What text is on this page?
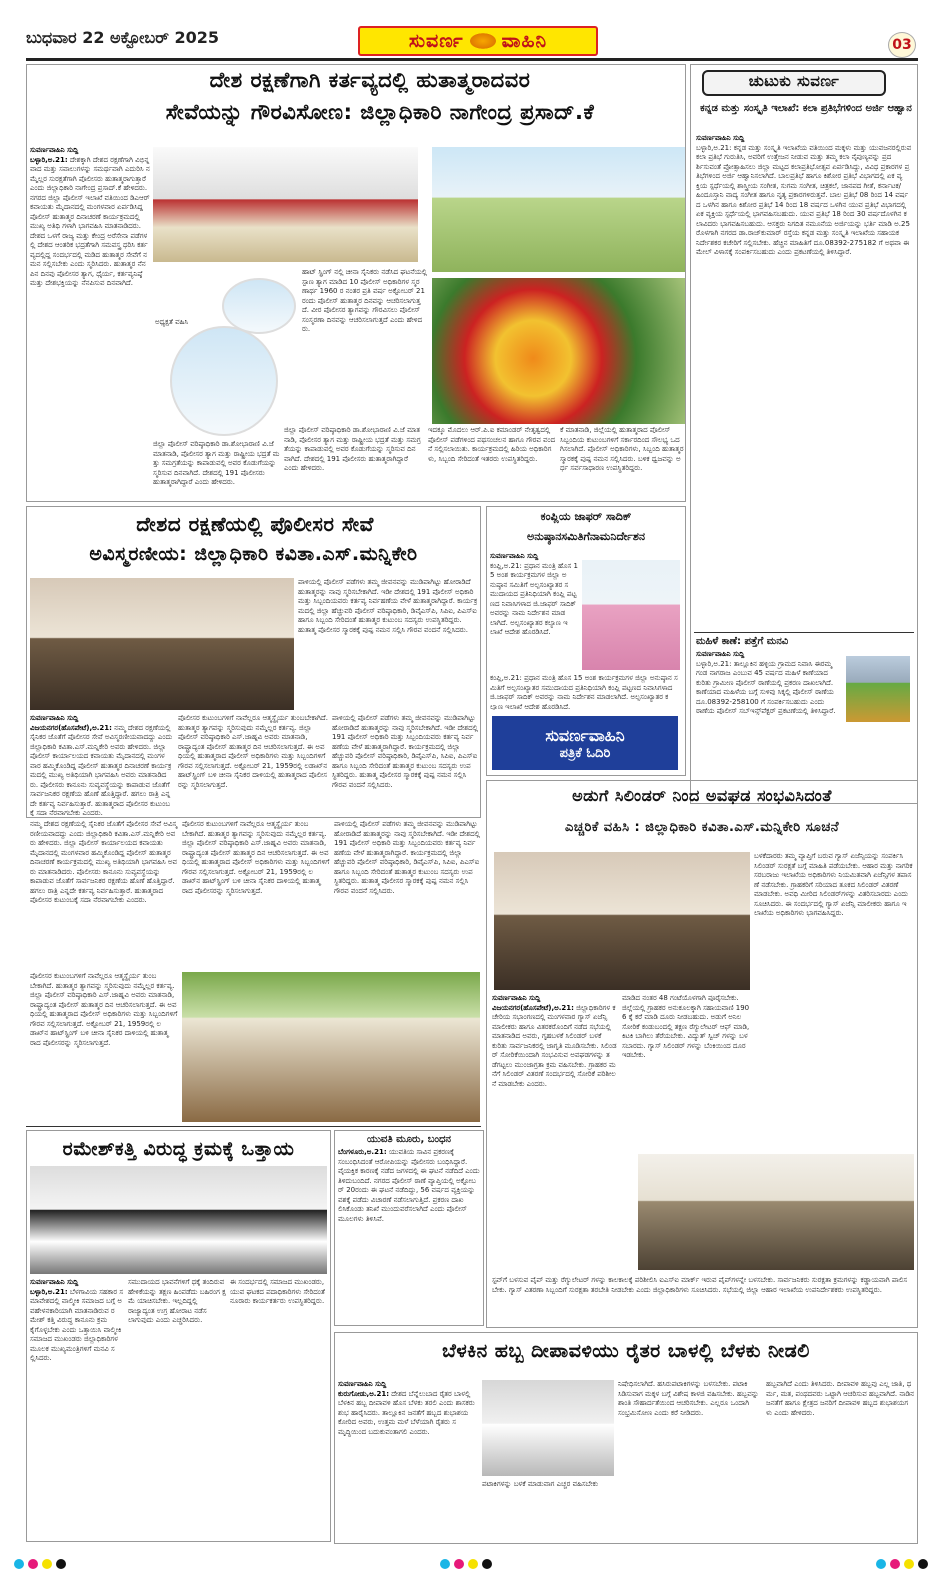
ಬುಧವಾರ 22 ಅಕ್ಟೋಬರ್ 2025	ಸುವರ್ಣ ವಾಹಿನಿ	03
ದೇಶ ರಕ್ಷಣೆಗಾಗಿ ಕರ್ತವ್ಯದಲ್ಲಿ ಹುತಾತ್ಮರಾದವರ
ಸೇವೆಯನ್ನು ಗೌರವಿಸೋಣ: ಜಿಲ್ಲಾಧಿಕಾರಿ ನಾಗೇಂದ್ರ ಪ್ರಸಾದ್.ಕೆ
ಸುವರ್ಣವಾಹಿನಿ ಸುದ್ದಿ
ಬಳ್ಳಾರಿ,ಅ.21: ದೇಶಕ್ಕಾಗಿ ದೇಶದ ರಕ್ಷಣೆಗಾಗಿ ವಿಭಿನ್ನವಾದ ಮತ್ತು ಸವಾಲುಗಳನ್ನು ಸಮರ್ಥವಾಗಿ ಎದುರಿಸಿ ನಮ್ಮೆಲ್ಲರ ಸುರಕ್ಷತೆಗಾಗಿ ಪೊಲೀಸರು ಹುತಾತ್ಮರಾಗುತ್ತಾರೆ ಎಂದು ಜಿಲ್ಲಾಧಿಕಾರಿ ನಾಗೇಂದ್ರ ಪ್ರಸಾದ್.ಕೆ ಹೇಳಿದರು. ನಗರದ ಜಿಲ್ಲಾ ಪೊಲೀಸ್ ಇಲಾಖೆ ವತಿಯಿಂದ ಡಿಎಆರ್ ಕವಾಯತು ಮೈದಾನದಲ್ಲಿ ಮಂಗಳವಾರ ಏರ್ಪಡಿಸಿದ್ದ ಪೊಲೀಸ್ ಹುತಾತ್ಮರ ದಿನಾಚರಣೆ ಕಾರ್ಯಕ್ರಮದಲ್ಲಿ ಮುಖ್ಯ ಅತಿಥಿ ಗಳಾಗಿ ಭಾಗವಹಿಸಿ ಮಾತನಾಡಿದರು. ದೇಶದ ಒಳಗೆ ರಾಜ್ಯ ಮತ್ತು ಕೇಂದ್ರ ಅರೆಸೇನಾ ಪಡೆಗಳಲ್ಲಿ ದೇಶದ ಆಂತರಿಕ ಭದ್ರತೆಗಾಗಿ ಸಮವಸ್ತ್ರ ಧರಿಸಿ ಕರ್ತವ್ಯದಲ್ಲಿದ್ದ ಸಂದರ್ಭದಲ್ಲಿ ಮಡಿದ ಹುತಾತ್ಮರ ಸೇವೆಗೆ ನಮನ ಸಲ್ಲಿಸಬೇಕು ಎಂದು ಸ್ಮರಿಸಿದರು. ಹುತಾತ್ಮರ ನೆನಪಿನ ದಿನವು ಪೊಲೀಸರ ತ್ಯಾಗ, ಧೈರ್ಯ, ಕರ್ತವ್ಯನಿಷ್ಠೆ ಮತ್ತು ದೇಶಭಕ್ತಿಯನ್ನು ನೆನಪಿಸುವ ದಿನವಾಗಿದೆ.
ಅಧ್ಯಕ್ಷತೆ ವಹಿಸಿ
ಹಾಟ್ ಸ್ಪ್ರಿಂಗ್ ನಲ್ಲಿ ಚೀನಾ ಸೈನಿಕರು ನಡೆಸಿದ ಘಟನೆಯಲ್ಲಿ ಸ್ಪಾಣ ತ್ಯಾಗ ಮಾಡಿದ 10 ಪೊಲೀಸ್ ಅಧಿಕಾರಿಗಳ ಸ್ಮರಣಾರ್ಥ 1960 ರ ನಂತರ ಪ್ರತಿ ವರ್ಷ ಅಕ್ಟೋಬರ್ 21 ರಂದು ಪೊಲೀಸ್ ಹುತಾತ್ಮರ ದಿನವನ್ನು ಆಚರಿಸಲಾಗುತ್ತದೆ. ವೀರ ಪೊಲೀಸರ ತ್ಯಾಗವನ್ನು ಗೌರವಿಸಲು ಪೊಲೀಸ್ ಸಂಸ್ಮರಣಾ ದಿನವನ್ನು ಆಚರಿಸಲಾಗುತ್ತದೆ ಎಂದು ಹೇಳಿದರು.
ಜಿಲ್ಲಾ ಪೊಲೀಸ್ ವರಿಷ್ಠಾಧಿಕಾರಿ ಡಾ.ಶೋಭಾರಾಣಿ ವಿ.ಜೆ ಮಾತನಾಡಿ, ಪೊಲೀಸರ ತ್ಯಾಗ ಮತ್ತು ರಾಷ್ಟ್ರೀಯ ಭದ್ರತೆ ಮತ್ತು ಸಮಗ್ರತೆಯನ್ನು ಕಾಪಾಡುವಲ್ಲಿ ಅವರ ಕೊಡುಗೆಯನ್ನು ಸ್ಮರಿಸುವ ದಿನವಾಗಿದೆ. ದೇಶದಲ್ಲಿ 191 ಪೊಲೀಸರು ಹುತಾತ್ಮರಾಗಿದ್ದಾರೆ ಎಂದು ಹೇಳಿದರು.
ಇದಕ್ಕೂ ಮೊದಲು ಆರ್.ಪಿ.ಐ ಕಮಾಂಡರ್ ನೇತೃತ್ವದಲ್ಲಿ ಪೊಲೀಸ್ ಪಡೆಗಳಿಂದ ಪಥಸಂಚಲನ ಹಾಗೂ ಗೌರವ ವಂದನೆ ಸಲ್ಲಿಸಲಾಯಿತು. ಕಾರ್ಯಕ್ರಮದಲ್ಲಿ ಹಿರಿಯ ಅಧಿಕಾರಿಗಳು, ಸಿಬ್ಬಂದಿ ಸೇರಿದಂತೆ ಇತರರು ಉಪಸ್ಥಿತರಿದ್ದರು.
ಕೆ ಮಾತನಾಡಿ, ಜಿಲ್ಲೆಯಲ್ಲಿ ಹುತಾತ್ಮರಾದ ಪೊಲೀಸ್ ಸಿಬ್ಬಂದಿಯ ಕುಟುಂಬಗಳಿಗೆ ಸರ್ಕಾರದಿಂದ ಸೌಲಭ್ಯ ಒದಗಿಸಲಾಗಿದೆ. ಪೊಲೀಸ್ ಅಧಿಕಾರಿಗಳು, ಸಿಬ್ಬಂದಿ ಹುತಾತ್ಮರ ಸ್ಮಾರಕಕ್ಕೆ ಪುಷ್ಪ ನಮನ ಸಲ್ಲಿಸಿದರು. ಬಳಿಕ ಧ್ವಜವನ್ನು ಅರ್ಧ ಸರ್ವಸಾಧಾರಣ ಉಪಸ್ಥಿತರಿದ್ದರು.
ಜಿಲ್ಲಾ ಪೊಲೀಸ್ ವರಿಷ್ಠಾಧಿಕಾರಿ ಡಾ.ಶೋಭಾರಾಣಿ ವಿ.ಜೆ ಮಾತನಾಡಿ, ಪೊಲೀಸರ ತ್ಯಾಗ ಮತ್ತು ರಾಷ್ಟ್ರೀಯ ಭದ್ರತೆ ಮತ್ತು ಸಮಗ್ರತೆಯನ್ನು ಕಾಪಾಡುವಲ್ಲಿ ಅವರ ಕೊಡುಗೆಯನ್ನು ಸ್ಮರಿಸುವ ದಿನವಾಗಿದೆ. ದೇಶದಲ್ಲಿ 191 ಪೊಲೀಸರು ಹುತಾತ್ಮರಾಗಿದ್ದಾರೆ ಎಂದು ಹೇಳಿದರು.
ಚುಟುಕು ಸುವರ್ಣ
ಕನ್ನಡ ಮತ್ತು ಸಂಸ್ಕೃತಿ ಇಲಾಖೆ: ಕಲಾ ಪ್ರತಿಭೆಗಳಿಂದ ಅರ್ಜಿ ಆಹ್ವಾನ
ಸುವರ್ಣವಾಹಿನಿ ಸುದ್ದಿ
ಬಳ್ಳಾರಿ,ಅ.21: ಕನ್ನಡ ಮತ್ತು ಸಂಸ್ಕೃತಿ ಇಲಾಖೆಯ ವತಿಯಿಂದ ಮಕ್ಕಳು ಮತ್ತು ಯುವಜನರಲ್ಲಿರುವ ಕಲಾ ಪ್ರತಿಭೆ ಗುರುತಿಸಿ, ಅವರಿಗೆ ಉತ್ತೇಜನ ನೀಡುವ ಮತ್ತು ತಮ್ಮ ಕಲಾ ನೈಪುಣ್ಯವನ್ನು ಪ್ರದರ್ಶಿಸುವಂತೆ ಪ್ರೋತ್ಸಾಹಿಸಲು ಜಿಲ್ಲಾ ಮಟ್ಟದ ಕಲಾಪ್ರತಿಭೋತ್ಸವ ಏರ್ಪಡಿಸಿದ್ದು, ವಿವಿಧ ಪ್ರಕಾರಗಳ ಪ್ರತಿಭೆಗಳಿಂದ ಅರ್ಜಿ ಆಹ್ವಾನಿಸಲಾಗಿದೆ. ಬಾಲಪ್ರತಿಭೆ ಹಾಗೂ ಕಿಶೋರ ಪ್ರತಿಭೆ ವಿಭಾಗದಲ್ಲಿ ಏಕ ವ್ಯಕ್ತಿಯ ಸ್ಪರ್ಧೆಯಲ್ಲಿ ಶಾಸ್ತ್ರೀಯ ಸಂಗೀತ, ಸುಗಮ ಸಂಗೀತ, ಚಿತ್ರಕಲೆ, ಜಾನಪದ ಗೀತೆ, ಕರ್ನಾಟಕ/ಹಿಂದೂಸ್ತಾನಿ ವಾದ್ಯ ಸಂಗೀತ ಹಾಗೂ ನೃತ್ಯ ಪ್ರಕಾರಗಳಿರುತ್ತವೆ. ಬಾಲ ಪ್ರತಿಭೆ 08 ರಿಂದ 14 ವರ್ಷದ ಒಳಗಿನ ಹಾಗೂ ಕಿಶೋರ ಪ್ರತಿಭೆ 14 ರಿಂದ 18 ವರ್ಷದ ಒಳಗಿನ ಯುವ ಪ್ರತಿಭೆ ವಿಭಾಗದಲ್ಲಿ ಏಕ ವ್ಯಕ್ತಿಯ ಸ್ಪರ್ಧೆಯಲ್ಲಿ ಭಾಗವಹಿಸಬಹುದು. ಯುವ ಪ್ರತಿಭೆ 18 ರಿಂದ 30 ವರ್ಷದೊಳಗಿನ ಕಲಾವಿದರು ಭಾಗವಹಿಸಬಹುದು. ಆಸಕ್ತರು ನಿಗದಿತ ನಮೂನೆಯ ಅರ್ಜಿಯನ್ನು ಭರ್ತಿ ಮಾಡಿ ಅ.25 ರೊಳಗಾಗಿ ನಗರದ ಡಾ.ರಾಜ್‌ಕುಮಾರ್ ರಸ್ತೆಯ ಕನ್ನಡ ಮತ್ತು ಸಂಸ್ಕೃತಿ ಇಲಾಖೆಯ ಸಹಾಯಕ ನಿರ್ದೇಶಕರ ಕಚೇರಿಗೆ ಸಲ್ಲಿಸಬೇಕು. ಹೆಚ್ಚಿನ ಮಾಹಿತಿಗೆ ದೂ.08392-275182 ಗೆ ಅಥವಾ ಈ ಮೇಲ್ ವಿಳಾಸಕ್ಕೆ ಸಂಪರ್ಕಿಸಬಹುದು ಎಂದು ಪ್ರಕಟಣೆಯಲ್ಲಿ ತಿಳಿಸಿದ್ದಾರೆ.
ಮಹಿಳೆ ಕಾಣೆ: ಪತ್ತೆಗೆ ಮನವಿ
ಸುವರ್ಣವಾಹಿನಿ ಸುದ್ದಿ
ಬಳ್ಳಾರಿ,ಅ.21: ತಾಲ್ಲೂಕಿನ ಹಳ್ಳಿಯ ಗ್ರಾಮದ ನಿವಾಸಿ ಈರಮ್ಮ ಗಂಡ ನಾಗರಾಜ ಎಂಬುವ 45 ವರ್ಷದ ಮಹಿಳೆ ಕಾಣೆಯಾದ ಕುರಿತು ಗ್ರಾಮೀಣ ಪೊಲೀಸ್ ಠಾಣೆಯಲ್ಲಿ ಪ್ರಕರಣ ದಾಖಲಾಗಿದೆ. ಕಾಣೆಯಾದ ಮಹಿಳೆಯ ಬಗ್ಗೆ ಸುಳಿವು ಸಿಕ್ಕಲ್ಲಿ ಪೊಲೀಸ್ ಠಾಣೆಯ ದೂ.08392-258100 ಗೆ ಸಂಪರ್ಕಿಸಬಹುದು ಎಂದು ಠಾಣೆಯ ಪೊಲೀಸ್ ಸಬ್‌ಇನ್ಸ್‌ಪೆಕ್ಟರ್ ಪ್ರಕಟಣೆಯಲ್ಲಿ ತಿಳಿಸಿದ್ದಾರೆ.
ದೇಶದ ರಕ್ಷಣೆಯಲ್ಲಿ ಪೊಲೀಸರ ಸೇವೆ
ಅವಿಸ್ಮರಣೀಯ: ಜಿಲ್ಲಾಧಿಕಾರಿ ಕವಿತಾ.ಎಸ್.ಮನ್ನಿಕೇರಿ
ಪಾಳಿಯಲ್ಲಿ ಪೊಲೀಸ್ ಪಡೆಗಳು ತಮ್ಮ ಜೀವನವನ್ನು ಮುಡಿಪಾಗಿಟ್ಟು ಹೋರಾಡಿದೆ ಹುತಾತ್ಮರನ್ನು ನಾವು ಸ್ಮರಿಸಬೇಕಾಗಿದೆ. ಇಡೀ ದೇಶದಲ್ಲಿ 191 ಪೊಲೀಸ್ ಅಧಿಕಾರಿ ಮತ್ತು ಸಿಬ್ಬಂದಿಯವರು ಕರ್ತವ್ಯ ನಿರ್ವಹಣೆಯ ವೇಳೆ ಹುತಾತ್ಮರಾಗಿದ್ದಾರೆ. ಕಾರ್ಯಕ್ರಮದಲ್ಲಿ ಜಿಲ್ಲಾ ಹೆಚ್ಚುವರಿ ಪೊಲೀಸ್ ವರಿಷ್ಠಾಧಿಕಾರಿ, ಡಿವೈಎಸ್‌ಪಿ, ಸಿಪಿಐ, ಪಿಎಸ್‌ಐ ಹಾಗೂ ಸಿಬ್ಬಂದಿ ಸೇರಿದಂತೆ ಹುತಾತ್ಮರ ಕುಟುಂಬ ಸದಸ್ಯರು ಉಪಸ್ಥಿತರಿದ್ದರು. ಹುತಾತ್ಮ ಪೊಲೀಸರ ಸ್ಮಾರಕಕ್ಕೆ ಪುಷ್ಪ ನಮನ ಸಲ್ಲಿಸಿ ಗೌರವ ವಂದನೆ ಸಲ್ಲಿಸಿದರು.
ಸುವರ್ಣವಾಹಿನಿ ಸುದ್ದಿ
ವಿಜಯನಗರ(ಹೊಸಪೇಟೆ),ಅ.21: ನಮ್ಮ ದೇಶದ ರಕ್ಷಣೆಯಲ್ಲಿ ಸೈನಿಕರ ಜೊತೆಗೆ ಪೊಲೀಸರ ಸೇವೆ ಅವಿಸ್ಮರಣೀಯವಾದದ್ದು ಎಂದು ಜಿಲ್ಲಾಧಿಕಾರಿ ಕವಿತಾ.ಎಸ್.ಮನ್ನಿಕೇರಿ ಅವರು ಹೇಳಿದರು. ಜಿಲ್ಲಾ ಪೊಲೀಸ್ ಕಾರ್ಯಾಲಯದ ಕವಾಯತು ಮೈದಾನದಲ್ಲಿ ಮಂಗಳವಾರ ಹಮ್ಮಿಕೊಂಡಿದ್ದ ಪೊಲೀಸ್ ಹುತಾತ್ಮರ ದಿನಾಚರಣೆ ಕಾರ್ಯಕ್ರಮದಲ್ಲಿ ಮುಖ್ಯ ಅತಿಥಿಯಾಗಿ ಭಾಗವಹಿಸಿ ಅವರು ಮಾತನಾಡಿದರು. ಪೊಲೀಸರು ಕಾನೂನು ಸುವ್ಯವಸ್ಥೆಯನ್ನು ಕಾಪಾಡುವ ಜೊತೆಗೆ ಸಾರ್ವಜನಿಕರ ರಕ್ಷಣೆಯ ಹೊಣೆ ಹೊತ್ತಿದ್ದಾರೆ. ಹಗಲು ರಾತ್ರಿ ಎನ್ನದೇ ಕರ್ತವ್ಯ ನಿರ್ವಹಿಸುತ್ತಾರೆ. ಹುತಾತ್ಮರಾದ ಪೊಲೀಸರ ಕುಟುಂಬಕ್ಕೆ ಸದಾ ನೆರವಾಗಬೇಕು ಎಂದರು.
ಪೊಲೀಸರ ಕುಟುಂಬಗಳಿಗೆ ನಾವೆಲ್ಲರೂ ಆತ್ಮಸ್ಥೈರ್ಯ ತುಂಬಬೇಕಾಗಿದೆ. ಹುತಾತ್ಮರ ತ್ಯಾಗವನ್ನು ಸ್ಮರಿಸುವುದು ನಮ್ಮೆಲ್ಲರ ಕರ್ತವ್ಯ. ಜಿಲ್ಲಾ ಪೊಲೀಸ್ ವರಿಷ್ಠಾಧಿಕಾರಿ ಎಸ್.ಜಾಹ್ನವಿ ಅವರು ಮಾತನಾಡಿ, ರಾಷ್ಟ್ರಾದ್ಯಂತ ಪೊಲೀಸ್ ಹುತಾತ್ಮರ ದಿನ ಆಚರಿಸಲಾಗುತ್ತದೆ. ಈ ಅವಧಿಯಲ್ಲಿ ಹುತಾತ್ಮರಾದ ಪೊಲೀಸ್ ಅಧಿಕಾರಿಗಳು ಮತ್ತು ಸಿಬ್ಬಂದಿಗಳಿಗೆ ಗೌರವ ಸಲ್ಲಿಸಲಾಗುತ್ತದೆ. ಅಕ್ಟೋಬರ್ 21, 1959ರಲ್ಲಿ ಲಡಾಖ್‌ನ ಹಾಟ್‌ಸ್ಪ್ರಿಂಗ್ ಬಳಿ ಚೀನಾ ಸೈನಿಕರ ದಾಳಿಯಲ್ಲಿ ಹುತಾತ್ಮರಾದ ಪೊಲೀಸರನ್ನು ಸ್ಮರಿಸಲಾಗುತ್ತದೆ.
ಪಾಳಿಯಲ್ಲಿ ಪೊಲೀಸ್ ಪಡೆಗಳು ತಮ್ಮ ಜೀವನವನ್ನು ಮುಡಿಪಾಗಿಟ್ಟು ಹೋರಾಡಿದೆ ಹುತಾತ್ಮರನ್ನು ನಾವು ಸ್ಮರಿಸಬೇಕಾಗಿದೆ. ಇಡೀ ದೇಶದಲ್ಲಿ 191 ಪೊಲೀಸ್ ಅಧಿಕಾರಿ ಮತ್ತು ಸಿಬ್ಬಂದಿಯವರು ಕರ್ತವ್ಯ ನಿರ್ವಹಣೆಯ ವೇಳೆ ಹುತಾತ್ಮರಾಗಿದ್ದಾರೆ. ಕಾರ್ಯಕ್ರಮದಲ್ಲಿ ಜಿಲ್ಲಾ ಹೆಚ್ಚುವರಿ ಪೊಲೀಸ್ ವರಿಷ್ಠಾಧಿಕಾರಿ, ಡಿವೈಎಸ್‌ಪಿ, ಸಿಪಿಐ, ಪಿಎಸ್‌ಐ ಹಾಗೂ ಸಿಬ್ಬಂದಿ ಸೇರಿದಂತೆ ಹುತಾತ್ಮರ ಕುಟುಂಬ ಸದಸ್ಯರು ಉಪಸ್ಥಿತರಿದ್ದರು. ಹುತಾತ್ಮ ಪೊಲೀಸರ ಸ್ಮಾರಕಕ್ಕೆ ಪುಷ್ಪ ನಮನ ಸಲ್ಲಿಸಿ ಗೌರವ ವಂದನೆ ಸಲ್ಲಿಸಿದರು.
ನಮ್ಮ ದೇಶದ ರಕ್ಷಣೆಯಲ್ಲಿ ಸೈನಿಕರ ಜೊತೆಗೆ ಪೊಲೀಸರ ಸೇವೆ ಅವಿಸ್ಮರಣೀಯವಾದದ್ದು ಎಂದು ಜಿಲ್ಲಾಧಿಕಾರಿ ಕವಿತಾ.ಎಸ್.ಮನ್ನಿಕೇರಿ ಅವರು ಹೇಳಿದರು. ಜಿಲ್ಲಾ ಪೊಲೀಸ್ ಕಾರ್ಯಾಲಯದ ಕವಾಯತು ಮೈದಾನದಲ್ಲಿ ಮಂಗಳವಾರ ಹಮ್ಮಿಕೊಂಡಿದ್ದ ಪೊಲೀಸ್ ಹುತಾತ್ಮರ ದಿನಾಚರಣೆ ಕಾರ್ಯಕ್ರಮದಲ್ಲಿ ಮುಖ್ಯ ಅತಿಥಿಯಾಗಿ ಭಾಗವಹಿಸಿ ಅವರು ಮಾತನಾಡಿದರು. ಪೊಲೀಸರು ಕಾನೂನು ಸುವ್ಯವಸ್ಥೆಯನ್ನು ಕಾಪಾಡುವ ಜೊತೆಗೆ ಸಾರ್ವಜನಿಕರ ರಕ್ಷಣೆಯ ಹೊಣೆ ಹೊತ್ತಿದ್ದಾರೆ. ಹಗಲು ರಾತ್ರಿ ಎನ್ನದೇ ಕರ್ತವ್ಯ ನಿರ್ವಹಿಸುತ್ತಾರೆ. ಹುತಾತ್ಮರಾದ ಪೊಲೀಸರ ಕುಟುಂಬಕ್ಕೆ ಸದಾ ನೆರವಾಗಬೇಕು ಎಂದರು.
ಪೊಲೀಸರ ಕುಟುಂಬಗಳಿಗೆ ನಾವೆಲ್ಲರೂ ಆತ್ಮಸ್ಥೈರ್ಯ ತುಂಬಬೇಕಾಗಿದೆ. ಹುತಾತ್ಮರ ತ್ಯಾಗವನ್ನು ಸ್ಮರಿಸುವುದು ನಮ್ಮೆಲ್ಲರ ಕರ್ತವ್ಯ. ಜಿಲ್ಲಾ ಪೊಲೀಸ್ ವರಿಷ್ಠಾಧಿಕಾರಿ ಎಸ್.ಜಾಹ್ನವಿ ಅವರು ಮಾತನಾಡಿ, ರಾಷ್ಟ್ರಾದ್ಯಂತ ಪೊಲೀಸ್ ಹುತಾತ್ಮರ ದಿನ ಆಚರಿಸಲಾಗುತ್ತದೆ. ಈ ಅವಧಿಯಲ್ಲಿ ಹುತಾತ್ಮರಾದ ಪೊಲೀಸ್ ಅಧಿಕಾರಿಗಳು ಮತ್ತು ಸಿಬ್ಬಂದಿಗಳಿಗೆ ಗೌರವ ಸಲ್ಲಿಸಲಾಗುತ್ತದೆ. ಅಕ್ಟೋಬರ್ 21, 1959ರಲ್ಲಿ ಲಡಾಖ್‌ನ ಹಾಟ್‌ಸ್ಪ್ರಿಂಗ್ ಬಳಿ ಚೀನಾ ಸೈನಿಕರ ದಾಳಿಯಲ್ಲಿ ಹುತಾತ್ಮರಾದ ಪೊಲೀಸರನ್ನು ಸ್ಮರಿಸಲಾಗುತ್ತದೆ.
ಪಾಳಿಯಲ್ಲಿ ಪೊಲೀಸ್ ಪಡೆಗಳು ತಮ್ಮ ಜೀವನವನ್ನು ಮುಡಿಪಾಗಿಟ್ಟು ಹೋರಾಡಿದೆ ಹುತಾತ್ಮರನ್ನು ನಾವು ಸ್ಮರಿಸಬೇಕಾಗಿದೆ. ಇಡೀ ದೇಶದಲ್ಲಿ 191 ಪೊಲೀಸ್ ಅಧಿಕಾರಿ ಮತ್ತು ಸಿಬ್ಬಂದಿಯವರು ಕರ್ತವ್ಯ ನಿರ್ವಹಣೆಯ ವೇಳೆ ಹುತಾತ್ಮರಾಗಿದ್ದಾರೆ. ಕಾರ್ಯಕ್ರಮದಲ್ಲಿ ಜಿಲ್ಲಾ ಹೆಚ್ಚುವರಿ ಪೊಲೀಸ್ ವರಿಷ್ಠಾಧಿಕಾರಿ, ಡಿವೈಎಸ್‌ಪಿ, ಸಿಪಿಐ, ಪಿಎಸ್‌ಐ ಹಾಗೂ ಸಿಬ್ಬಂದಿ ಸೇರಿದಂತೆ ಹುತಾತ್ಮರ ಕುಟುಂಬ ಸದಸ್ಯರು ಉಪಸ್ಥಿತರಿದ್ದರು. ಹುತಾತ್ಮ ಪೊಲೀಸರ ಸ್ಮಾರಕಕ್ಕೆ ಪುಷ್ಪ ನಮನ ಸಲ್ಲಿಸಿ ಗೌರವ ವಂದನೆ ಸಲ್ಲಿಸಿದರು.
ಪೊಲೀಸರ ಕುಟುಂಬಗಳಿಗೆ ನಾವೆಲ್ಲರೂ ಆತ್ಮಸ್ಥೈರ್ಯ ತುಂಬಬೇಕಾಗಿದೆ. ಹುತಾತ್ಮರ ತ್ಯಾಗವನ್ನು ಸ್ಮರಿಸುವುದು ನಮ್ಮೆಲ್ಲರ ಕರ್ತವ್ಯ. ಜಿಲ್ಲಾ ಪೊಲೀಸ್ ವರಿಷ್ಠಾಧಿಕಾರಿ ಎಸ್.ಜಾಹ್ನವಿ ಅವರು ಮಾತನಾಡಿ, ರಾಷ್ಟ್ರಾದ್ಯಂತ ಪೊಲೀಸ್ ಹುತಾತ್ಮರ ದಿನ ಆಚರಿಸಲಾಗುತ್ತದೆ. ಈ ಅವಧಿಯಲ್ಲಿ ಹುತಾತ್ಮರಾದ ಪೊಲೀಸ್ ಅಧಿಕಾರಿಗಳು ಮತ್ತು ಸಿಬ್ಬಂದಿಗಳಿಗೆ ಗೌರವ ಸಲ್ಲಿಸಲಾಗುತ್ತದೆ. ಅಕ್ಟೋಬರ್ 21, 1959ರಲ್ಲಿ ಲಡಾಖ್‌ನ ಹಾಟ್‌ಸ್ಪ್ರಿಂಗ್ ಬಳಿ ಚೀನಾ ಸೈನಿಕರ ದಾಳಿಯಲ್ಲಿ ಹುತಾತ್ಮರಾದ ಪೊಲೀಸರನ್ನು ಸ್ಮರಿಸಲಾಗುತ್ತದೆ.
ಕಂಪ್ಲಿಯ ಜಾಫರ್ ಸಾದಿಕ್
ಅನುಷ್ಠಾನಸಮಿತಿಗೆನಾಮನಿರ್ದೇಶನ
ಸುವರ್ಣವಾಹಿನಿ ಸುದ್ದಿ
ಕಂಪ್ಲಿ,ಅ.21: ಪ್ರಧಾನ ಮಂತ್ರಿ ಹೊಸ 15 ಅಂಶ ಕಾರ್ಯಕ್ರಮಗಳ ಜಿಲ್ಲಾ ಅನುಷ್ಠಾನ ಸಮಿತಿಗೆ ಅಲ್ಪಸಂಖ್ಯಾತರ ಸಮುದಾಯದ ಪ್ರತಿನಿಧಿಯಾಗಿ ಕಂಪ್ಲಿ ಪಟ್ಟಣದ ನಿವಾಸಿಗಳಾದ ಜಿ.ಜಾಫರ್ ಸಾದಿಕ್ ಅವರನ್ನು ನಾಮ ನಿರ್ದೇಶನ ಮಾಡಲಾಗಿದೆ. ಅಲ್ಪಸಂಖ್ಯಾತರ ಕಲ್ಯಾಣ ಇಲಾಖೆ ಆದೇಶ ಹೊರಡಿಸಿದೆ.
ಕಂಪ್ಲಿ,ಅ.21: ಪ್ರಧಾನ ಮಂತ್ರಿ ಹೊಸ 15 ಅಂಶ ಕಾರ್ಯಕ್ರಮಗಳ ಜಿಲ್ಲಾ ಅನುಷ್ಠಾನ ಸಮಿತಿಗೆ ಅಲ್ಪಸಂಖ್ಯಾತರ ಸಮುದಾಯದ ಪ್ರತಿನಿಧಿಯಾಗಿ ಕಂಪ್ಲಿ ಪಟ್ಟಣದ ನಿವಾಸಿಗಳಾದ ಜಿ.ಜಾಫರ್ ಸಾದಿಕ್ ಅವರನ್ನು ನಾಮ ನಿರ್ದೇಶನ ಮಾಡಲಾಗಿದೆ. ಅಲ್ಪಸಂಖ್ಯಾತರ ಕಲ್ಯಾಣ ಇಲಾಖೆ ಆದೇಶ ಹೊರಡಿಸಿದೆ.
ಸುವರ್ಣವಾಹಿನಿ
ಪತ್ರಿಕೆ ಓದಿರಿ
ಅಡುಗೆ ಸಿಲಿಂಡರ್ ನಿಂದ ಅವಘಡ ಸಂಭವಿಸಿದಂತೆ
ಎಚ್ಚರಿಕೆ ವಹಿಸಿ : ಜಿಲ್ಲಾಧಿಕಾರಿ ಕವಿತಾ.ಎಸ್.ಮನ್ನಿಕೇರಿ ಸೂಚನೆ
ಬಳಕೆದಾರರು ತಮ್ಮ ವ್ಯಾಪ್ತಿಗೆ ಬರುವ ಗ್ಯಾಸ್ ಏಜೆನ್ಸಿಯನ್ನು ಸಂಪರ್ಕಿಸಿ ಸಿಲಿಂಡರ್ ಸುರಕ್ಷತೆ ಬಗ್ಗೆ ಮಾಹಿತಿ ಪಡೆಯಬೇಕು. ಆಹಾರ ಮತ್ತು ನಾಗರಿಕ ಸರಬರಾಜು ಇಲಾಖೆಯ ಅಧಿಕಾರಿಗಳು ನಿಯಮಿತವಾಗಿ ಏಜೆನ್ಸಿಗಳ ತಪಾಸಣೆ ನಡೆಸಬೇಕು. ಗ್ರಾಹಕರಿಗೆ ಸರಿಯಾದ ತೂಕದ ಸಿಲಿಂಡರ್ ವಿತರಣೆ ಮಾಡಬೇಕು. ಅವಧಿ ಮೀರಿದ ಸಿಲಿಂಡರ್‌ಗಳನ್ನು ವಿತರಿಸಬಾರದು ಎಂದು ಸೂಚಿಸಿದರು. ಈ ಸಂದರ್ಭದಲ್ಲಿ ಗ್ಯಾಸ್ ಏಜೆನ್ಸಿ ಮಾಲೀಕರು ಹಾಗೂ ಇಲಾಖೆಯ ಅಧಿಕಾರಿಗಳು ಭಾಗವಹಿಸಿದ್ದರು.
ಸುವರ್ಣವಾಹಿನಿ ಸುದ್ದಿ
ವಿಜಯನಗರ(ಹೊಸಪೇಟೆ),ಅ.21: ಜಿಲ್ಲಾಧಿಕಾರಿಗಳ ಕಚೇರಿಯ ಸಭಾಂಗಣದಲ್ಲಿ ಮಂಗಳವಾರ ಗ್ಯಾಸ್ ಏಜೆನ್ಸಿ ಮಾಲೀಕರು ಹಾಗೂ ವಿತರಕರೊಂದಿಗೆ ನಡೆದ ಸಭೆಯಲ್ಲಿ ಮಾತನಾಡಿದ ಅವರು, ಗೃಹಬಳಕೆ ಸಿಲಿಂಡರ್ ಬಳಕೆ ಕುರಿತು ಸಾರ್ವಜನಿಕರಲ್ಲಿ ಜಾಗೃತಿ ಮೂಡಿಸಬೇಕು. ಸಿಲಿಂಡರ್ ಸೋರಿಕೆಯಿಂದಾಗಿ ಸಂಭವಿಸುವ ಅವಘಡಗಳನ್ನು ತಡೆಗಟ್ಟಲು ಮುಂಜಾಗ್ರತಾ ಕ್ರಮ ವಹಿಸಬೇಕು. ಗ್ರಾಹಕರ ಮನೆಗೆ ಸಿಲಿಂಡರ್ ವಿತರಣೆ ಸಂದರ್ಭದಲ್ಲಿ ಸೋರಿಕೆ ಪರಿಶೀಲನೆ ಮಾಡಬೇಕು ಎಂದರು.
ಮಾಡಿದ ನಂತರ 48 ಗಂಟೆಯೊಳಗಾಗಿ ಪೂರೈಸಬೇಕು. ಜಿಲ್ಲೆಯಲ್ಲಿ ಗ್ರಾಹಕರ ಅನುಕೂಲಕ್ಕಾಗಿ ಸಹಾಯವಾಣಿ 1906 ಕ್ಕೆ ಕರೆ ಮಾಡಿ ದೂರು ನೀಡಬಹುದು. ಅಡುಗೆ ಅನಿಲ ಸೋರಿಕೆ ಕಂಡುಬಂದಲ್ಲಿ ತಕ್ಷಣ ರೆಗ್ಯುಲೇಟರ್ ಆಫ್ ಮಾಡಿ, ಕಿಟಕಿ ಬಾಗಿಲು ತೆರೆಯಬೇಕು. ವಿದ್ಯುತ್ ಸ್ವಿಚ್ ಗಳನ್ನು ಬಳಸಬಾರದು. ಗ್ಯಾಸ್ ಸಿಲಿಂಡರ್ ಗಳನ್ನು ಬೆಂಕಿಯಿಂದ ದೂರ ಇಡಬೇಕು.
ಸ್ಟವ್‌ಗೆ ಬಳಸುವ ಪೈಪ್ ಮತ್ತು ರೆಗ್ಯುಲೇಟರ್ ಗಳನ್ನು ಕಾಲಕಾಲಕ್ಕೆ ಪರಿಶೀಲಿಸಿ ಐಎಸ್‌ಐ ಮಾರ್ಕ್ ಇರುವ ಪೈಪ್‌ಗಳನ್ನೇ ಬಳಸಬೇಕು. ಸಾರ್ವಜನಿಕರು ಸುರಕ್ಷತಾ ಕ್ರಮಗಳನ್ನು ಕಡ್ಡಾಯವಾಗಿ ಪಾಲಿಸಬೇಕು. ಗ್ಯಾಸ್ ವಿತರಣಾ ಸಿಬ್ಬಂದಿಗೆ ಸುರಕ್ಷತಾ ತರಬೇತಿ ನೀಡಬೇಕು ಎಂದು ಜಿಲ್ಲಾಧಿಕಾರಿಗಳು ಸೂಚಿಸಿದರು. ಸಭೆಯಲ್ಲಿ ಜಿಲ್ಲಾ ಆಹಾರ ಇಲಾಖೆಯ ಉಪನಿರ್ದೇಶಕರು ಉಪಸ್ಥಿತರಿದ್ದರು.
ರಮೇಶ್‌ಕತ್ತಿ ವಿರುದ್ಧ ಕ್ರಮಕ್ಕೆ ಒತ್ತಾಯ
ಸುವರ್ಣವಾಹಿನಿ ಸುದ್ದಿ
ಬಳ್ಳಾರಿ,ಅ.21: ಬೆಳಗಾವಿಯ ಸಹಕಾರ ಸಮಾವೇಶದಲ್ಲಿ ವಾಲ್ಮೀಕಿ ಸಮಾಜದ ಬಗ್ಗೆ ಅವಹೇಳನಕಾರಿಯಾಗಿ ಮಾತನಾಡಿರುವ ರಮೇಶ್ ಕತ್ತಿ ವಿರುದ್ಧ ಕಾನೂನು ಕ್ರಮ ಕೈಗೊಳ್ಳಬೇಕು ಎಂದು ಒತ್ತಾಯಿಸಿ ವಾಲ್ಮೀಕಿ ಸಮಾಜದ ಮುಖಂಡರು ಜಿಲ್ಲಾಧಿಕಾರಿಗಳ ಮೂಲಕ ಮುಖ್ಯಮಂತ್ರಿಗಳಿಗೆ ಮನವಿ ಸಲ್ಲಿಸಿದರು.
ಸಮುದಾಯದ ಭಾವನೆಗಳಿಗೆ ಧಕ್ಕೆ ತಂದಿರುವ ಹೇಳಿಕೆಯನ್ನು ತಕ್ಷಣ ಹಿಂಪಡೆದು ಬಹಿರಂಗ ಕ್ಷಮೆ ಯಾಚಿಸಬೇಕು. ಇಲ್ಲದಿದ್ದಲ್ಲಿ ರಾಜ್ಯಾದ್ಯಂತ ಉಗ್ರ ಹೋರಾಟ ನಡೆಸಲಾಗುವುದು ಎಂದು ಎಚ್ಚರಿಸಿದರು.
ಈ ಸಂದರ್ಭದಲ್ಲಿ ಸಮಾಜದ ಮುಖಂಡರು, ಯುವ ಘಟಕದ ಪದಾಧಿಕಾರಿಗಳು ಸೇರಿದಂತೆ ನೂರಾರು ಕಾರ್ಯಕರ್ತರು ಉಪಸ್ಥಿತರಿದ್ದರು.
ಯುವತಿ ಮೂರು, ಬಂಧನ
ಬೆಂಗಳೂರು,ಅ.21: ಯುವತಿಯ ಸಾವಿನ ಪ್ರಕರಣಕ್ಕೆ ಸಂಬಂಧಿಸಿದಂತೆ ಆರೋಪಿಯನ್ನು ಪೊಲೀಸರು ಬಂಧಿಸಿದ್ದಾರೆ. ವೈಯಕ್ತಿಕ ಕಾರಣಕ್ಕೆ ನಡೆದ ಜಗಳದಲ್ಲಿ ಈ ಘಟನೆ ನಡೆದಿದೆ ಎಂದು ತಿಳಿದುಬಂದಿದೆ. ನಗರದ ಪೊಲೀಸ್ ಠಾಣೆ ವ್ಯಾಪ್ತಿಯಲ್ಲಿ ಅಕ್ಟೋಬರ್ 20ರಂದು ಈ ಘಟನೆ ನಡೆದಿದ್ದು, 56 ವರ್ಷದ ವ್ಯಕ್ತಿಯನ್ನು ವಶಕ್ಕೆ ಪಡೆದು ವಿಚಾರಣೆ ನಡೆಸಲಾಗುತ್ತಿದೆ. ಪ್ರಕರಣ ದಾಖಲಿಸಿಕೊಂಡು ತನಿಖೆ ಮುಂದುವರೆಸಲಾಗಿದೆ ಎಂದು ಪೊಲೀಸ್ ಮೂಲಗಳು ತಿಳಿಸಿವೆ.
ಬೆಳಕಿನ ಹಬ್ಬ ದೀಪಾವಳಿಯು ರೈತರ ಬಾಳಲ್ಲಿ ಬೆಳಕು ನೀಡಲಿ
ಸುವರ್ಣವಾಹಿನಿ ಸುದ್ದಿ
ಕುರುಗೋಡು,ಅ.21: ದೇಶದ ಬೆನ್ನೆಲುಬಾದ ರೈತರ ಬಾಳಲ್ಲಿ ಬೆಳಕಿನ ಹಬ್ಬ ದೀಪಾವಳಿ ಹೊಸ ಬೆಳಕು ತರಲಿ ಎಂದು ಶಾಸಕರು ಶುಭ ಹಾರೈಸಿದರು. ತಾಲ್ಲೂಕಿನ ಜನತೆಗೆ ಹಬ್ಬದ ಶುಭಾಶಯ ಕೋರಿದ ಅವರು, ಉತ್ತಮ ಮಳೆ ಬೆಳೆಯಾಗಿ ರೈತರು ಸಮೃದ್ಧಿಯಿಂದ ಬದುಕುವಂತಾಗಲಿ ಎಂದರು.
ಪಟಾಕಿಗಳನ್ನು ಬಳಕೆ ಮಾಡುವಾಗ ಎಚ್ಚರ ವಹಿಸಬೇಕು
ನಿಷೇಧಿಸಲಾಗಿದೆ. ಹಸಿರುಪಟಾಕಿಗಳನ್ನು ಬಳಸಬೇಕು. ಪಟಾಕಿ ಸಿಡಿಸುವಾಗ ಮಕ್ಕಳ ಬಗ್ಗೆ ವಿಶೇಷ ಕಾಳಜಿ ವಹಿಸಬೇಕು. ಹಬ್ಬವನ್ನು ಶಾಂತಿ ಸೌಹಾರ್ದತೆಯಿಂದ ಆಚರಿಸಬೇಕು. ಎಲ್ಲರೂ ಒಂದಾಗಿ ಸಂಭ್ರಮಿಸೋಣ ಎಂದು ಕರೆ ನೀಡಿದರು.
ಹಬ್ಬವಾಗಿದೆ ಎಂದು ತಿಳಿಸಿದರು. ದೀಪಾವಳಿ ಹಬ್ಬವು ಎಲ್ಲ ಜಾತಿ, ಧರ್ಮ, ಮತ, ಪಂಥದವರು ಒಟ್ಟಾಗಿ ಆಚರಿಸುವ ಹಬ್ಬವಾಗಿದೆ. ನಾಡಿನ ಜನತೆಗೆ ಹಾಗೂ ಕ್ಷೇತ್ರದ ಜನರಿಗೆ ದೀಪಾವಳಿ ಹಬ್ಬದ ಶುಭಾಶಯಗಳು ಎಂದು ಹೇಳಿದರು.
